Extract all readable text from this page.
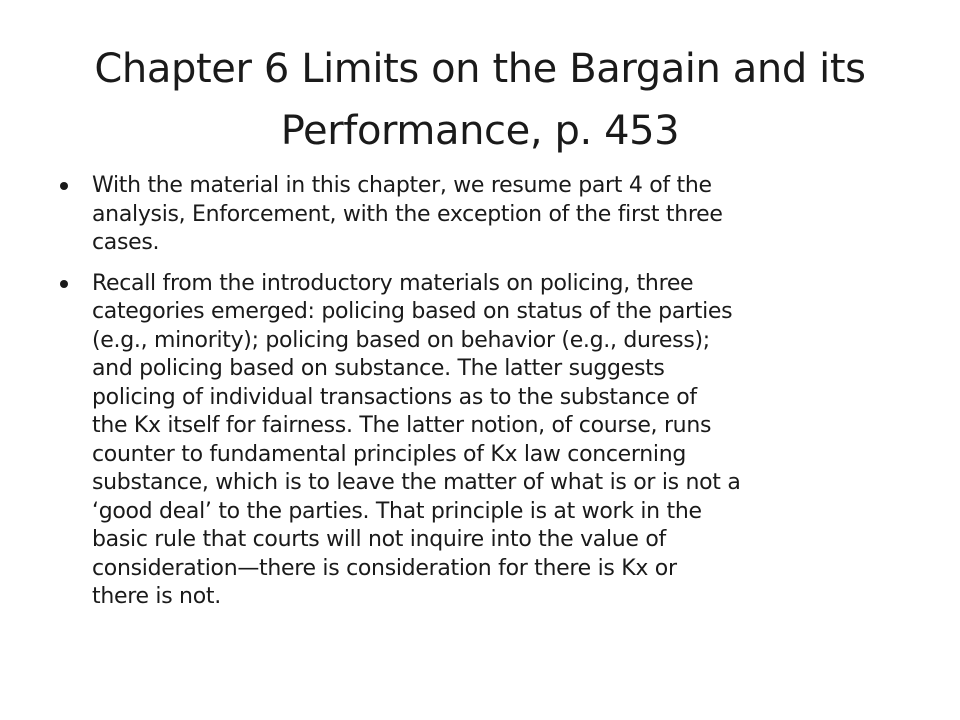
Chapter 6 Limits on the Bargain and its
Performance, p. 453
With the material in this chapter, we resume part 4 of the
analysis, Enforcement, with the exception of the first three
cases.
Recall from the introductory materials on policing, three
categories emerged: policing based on status of the parties
(e.g., minority); policing based on behavior (e.g., duress);
and policing based on substance. The latter suggests
policing of individual transactions as to the substance of
the Kx itself for fairness. The latter notion, of course, runs
counter to fundamental principles of Kx law concerning
substance, which is to leave the matter of what is or is not a
‘good deal’ to the parties. That principle is at work in the
basic rule that courts will not inquire into the value of
consideration—there is consideration for there is Kx or
there is not.
